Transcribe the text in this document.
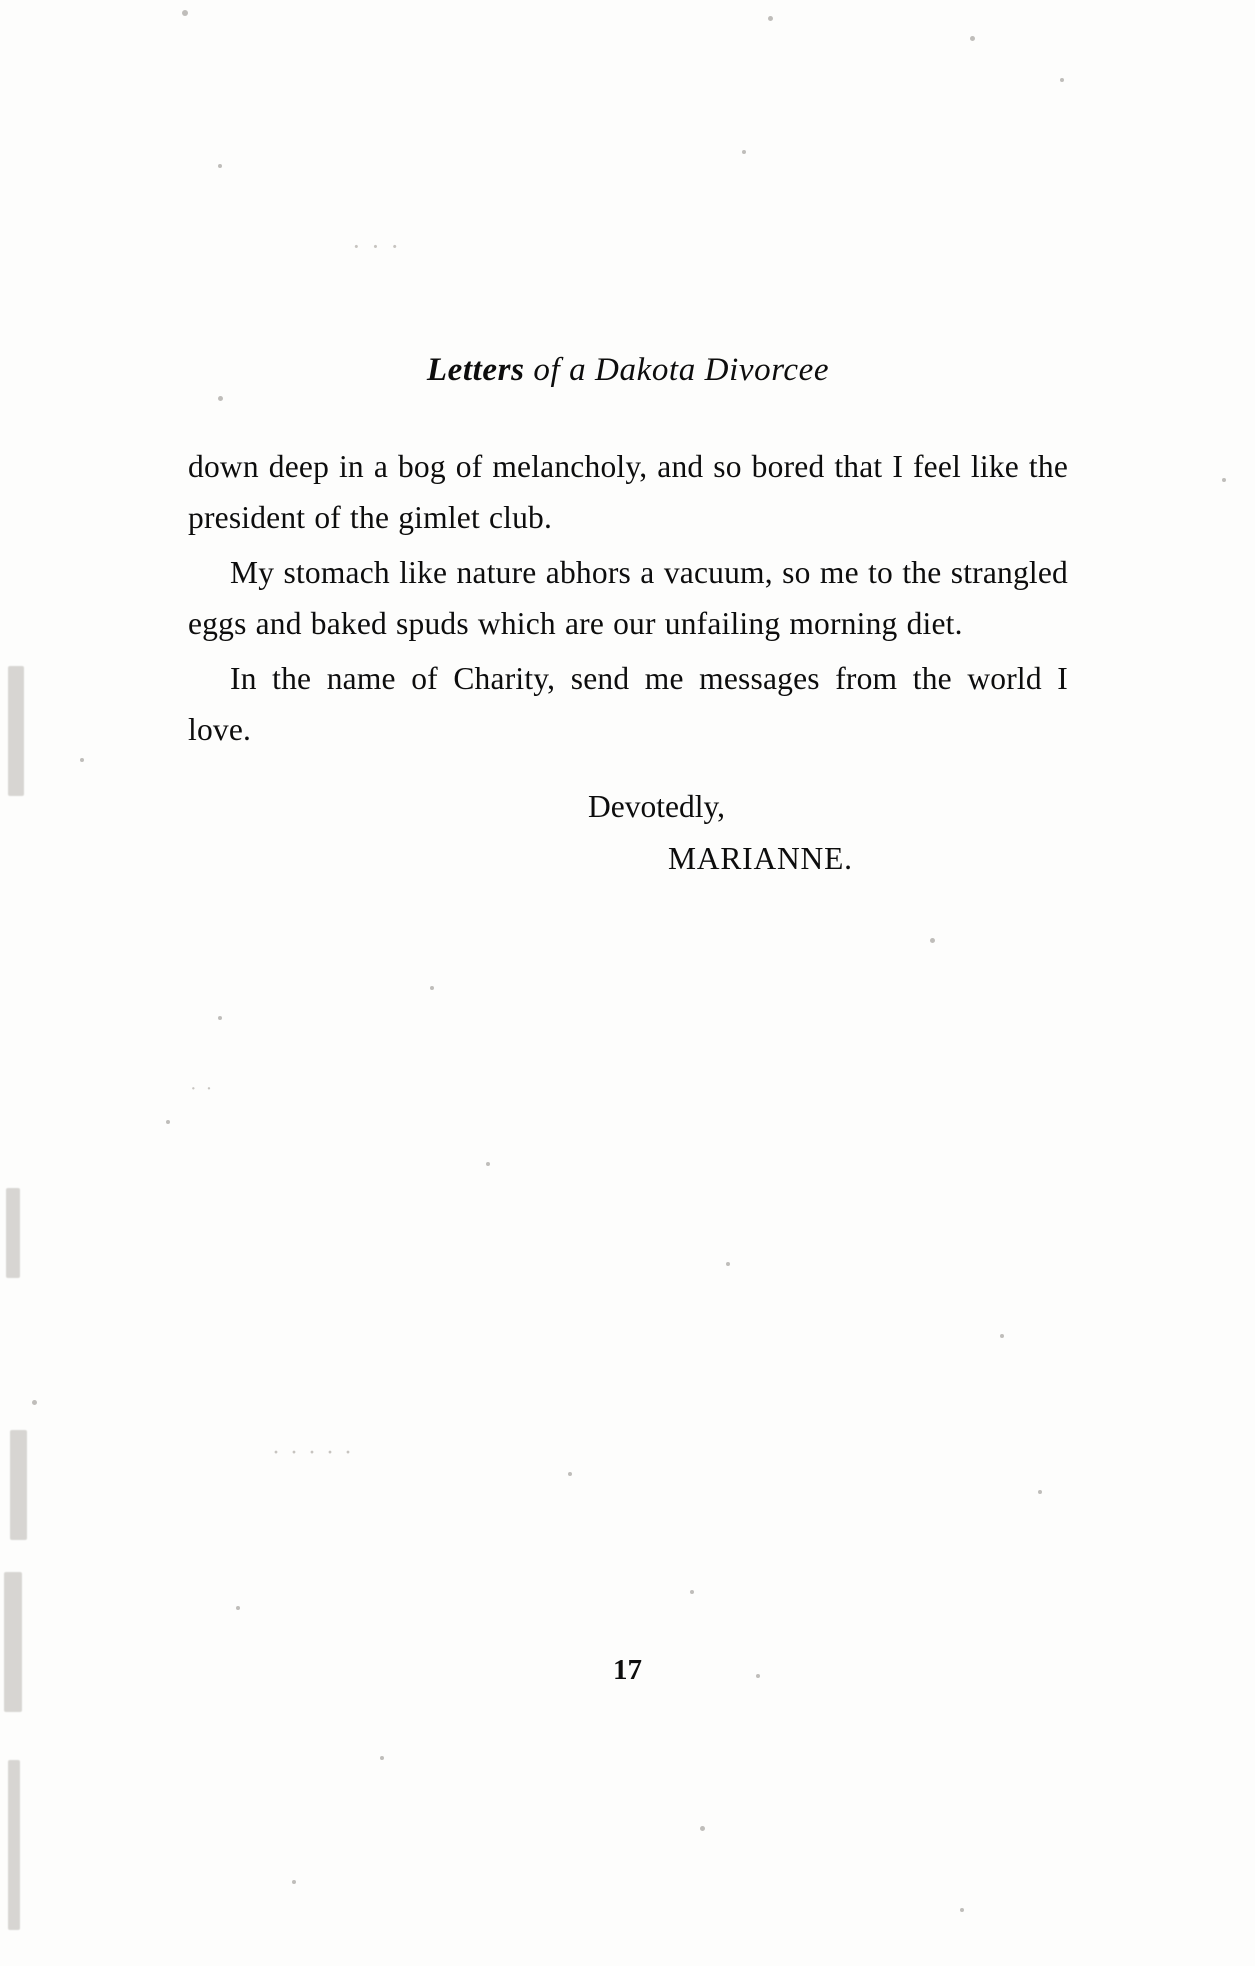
· · ·
· ·
· · · · ·
Letters of a Dakota Divorcee

down deep in a bog of melancholy, and so bored that I feel like the president of the gimlet club.

My stomach like nature abhors a vacuum, so me to the strangled eggs and baked spuds which are our unfailing morning diet.

In the name of Charity, send me messages from the world I love.

Devotedly,
MARIANNE.
17
